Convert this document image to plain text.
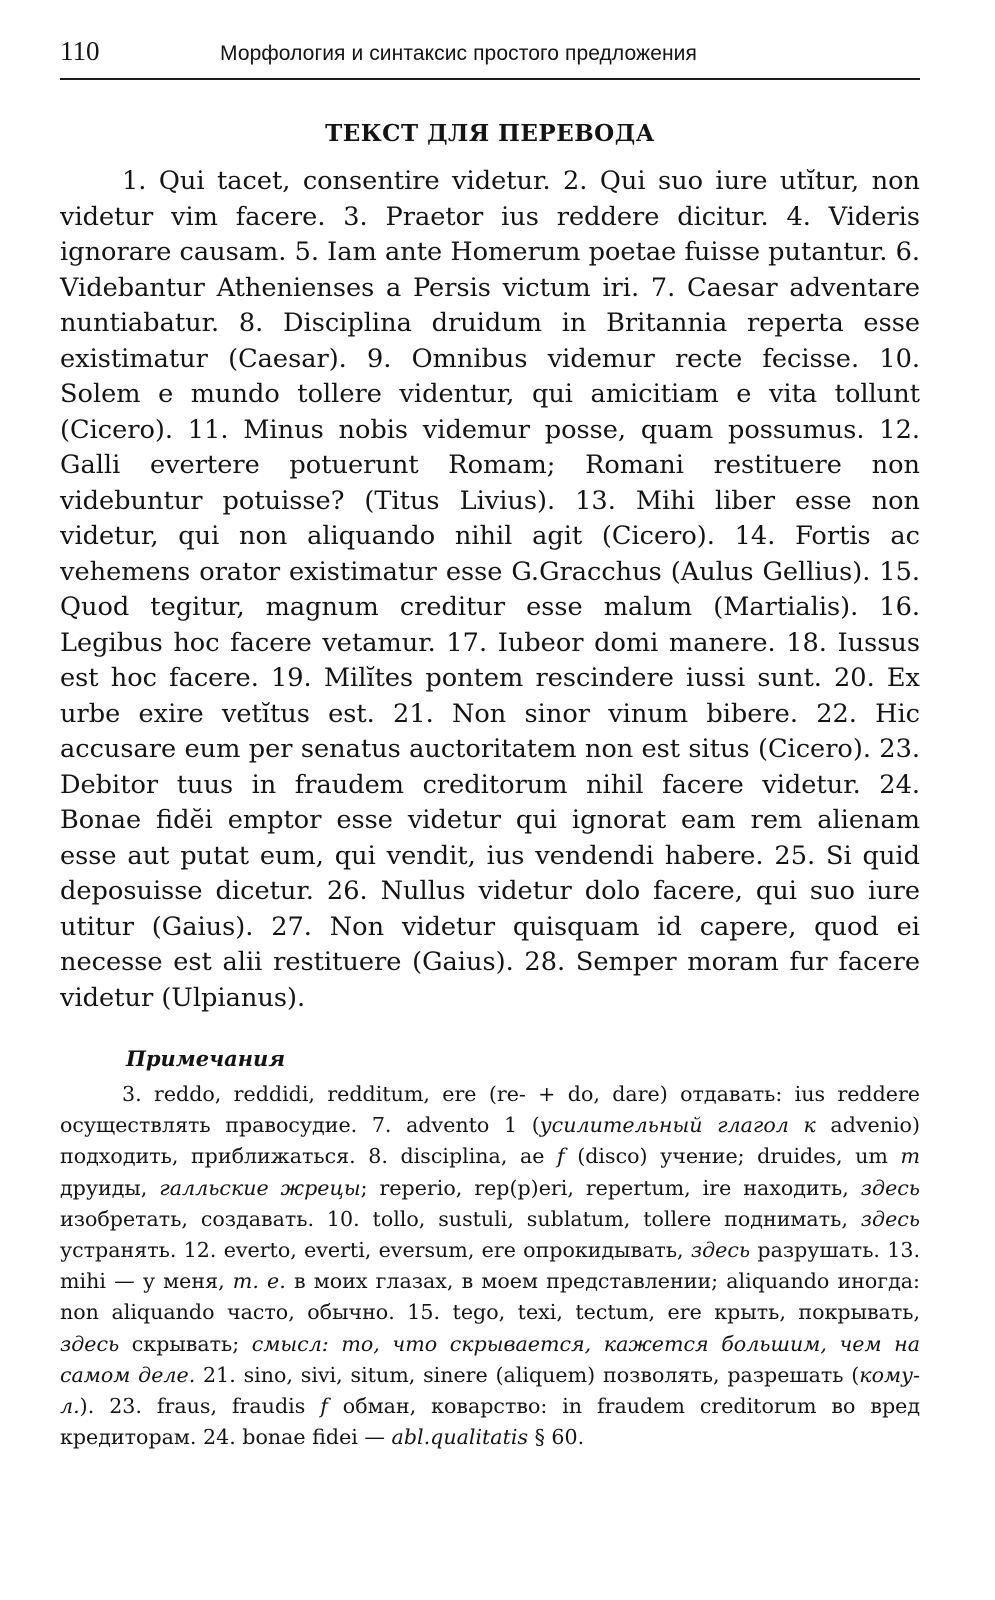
110	Морфология и синтаксис простого предложения
ТЕКСТ ДЛЯ ПЕРЕВОДА

1. Qui tacet, consentire videtur. 2. Qui suo iure utĭtur, non videtur vim facere. 3. Praetor ius reddere dicitur. 4. Videris ignorare causam. 5. Iam ante Homerum poetae fuisse putantur. 6. Videbantur Athenienses a Persis victum iri. 7. Caesar adventare nuntiabatur. 8. Disciplina druidum in Britannia reperta esse existimatur (Caesar). 9. Omnibus videmur recte fecisse. 10. Solem e mundo tollere videntur, qui amicitiam e vita tollunt (Cicero). 11. Minus nobis videmur posse, quam possumus. 12. Galli evertere potuerunt Romam; Romani restituere non videbuntur potuisse? (Titus Livius). 13. Mihi liber esse non videtur, qui non aliquando nihil agit (Cicero). 14. Fortis ac vehemens orator existimatur esse G.Gracchus (Aulus Gellius). 15. Quod tegitur, magnum creditur esse malum (Martialis). 16. Legibus hoc facere vetamur. 17. Iubeor domi manere. 18. Iussus est hoc facere. 19. Milĭtes pontem rescindere iussi sunt. 20. Ex urbe exire vetĭtus est. 21. Non sinor vinum bibere. 22. Hic accusare eum per senatus auctoritatem non est situs (Cicero). 23. Debitor tuus in fraudem creditorum nihil facere videtur. 24. Bonae fidĕi emptor esse videtur qui ignorat eam rem alienam esse aut putat eum, qui vendit, ius vendendi habere. 25. Si quid deposuisse dicetur. 26. Nullus videtur dolo facere, qui suo iure utitur (Gaius). 27. Non videtur quisquam id capere, quod ei necesse est alii restituere (Gaius). 28. Semper moram fur facere videtur (Ulpianus).

Примечания

3. reddo, reddidi, redditum, ere (re- + do, dare) отдавать: ius reddere осуществлять правосудие. 7. advento 1 (усилительный глагол к advenio) подходить, приближаться. 8. disciplina, ae f (disco) учение; druides, um m друиды, галльские жрецы; reperio, rep(p)eri, repertum, ire находить, здесь изобретать, создавать. 10. tollo, sustuli, sublatum, tollere поднимать, здесь устранять. 12. everto, everti, eversum, ere опрокидывать, здесь разрушать. 13. mihi — у меня, т. е. в моих глазах, в моем представлении; aliquando иногда: non aliquando часто, обычно. 15. tego, texi, tectum, ere крыть, покрывать, здесь скрывать; смысл: то, что скрывается, кажется большим, чем на самом деле. 21. sino, sivi, situm, sinere (aliquem) позволять, разрешать (кому-л.). 23. fraus, fraudis f обман, коварство: in fraudem creditorum во вред кредиторам. 24. bonae fidei — abl.qualitatis § 60.
